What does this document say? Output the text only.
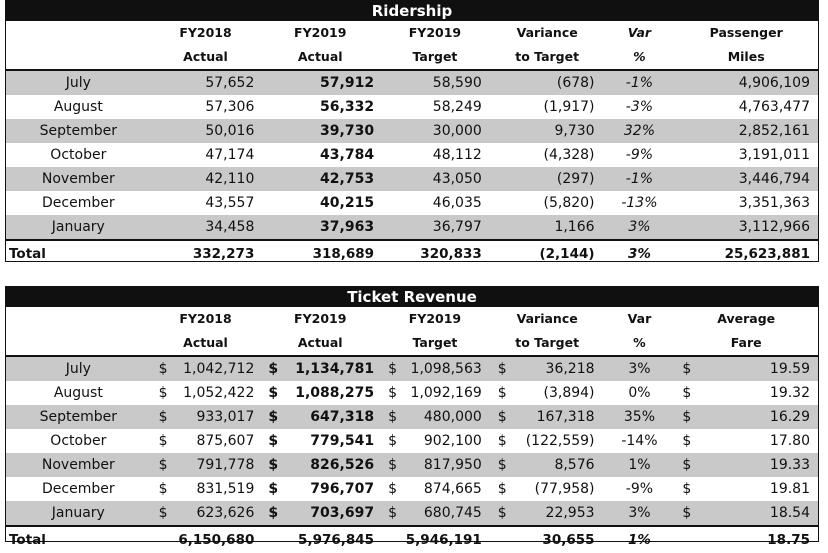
Ridership
FY2018	FY2019	FY2019	Variance	Var	Passenger
Actual	Actual	Target	to Target	%	Miles
July	57,652	57,912	58,590	(678)	-1%	4,906,109
August	57,306	56,332	58,249	(1,917)	-3%	4,763,477
September	50,016	39,730	30,000	9,730	32%	2,852,161
October	47,174	43,784	48,112	(4,328)	-9%	3,191,011
November	42,110	42,753	43,050	(297)	-1%	3,446,794
December	43,557	40,215	46,035	(5,820)	-13%	3,351,363
January	34,458	37,963	36,797	1,166	3%	3,112,966
Total	332,273	318,689	320,833	(2,144)	3%	25,623,881
Ticket Revenue
FY2018	FY2019	FY2019	Variance	Var	Average
Actual	Actual	Target	to Target	%	Fare
July	$ 1,042,712	$ 1,134,781	$ 1,098,563	$	36,218	3%	$	19.59
August	$ 1,052,422	$ 1,088,275	$ 1,092,169	$	(3,894)	0%	$	19.32
September	$ 933,017	$ 647,318	$ 480,000	$ 167,318	35%	$	16.29
October	$ 875,607	$ 779,541	$ 902,100	$ (122,559)	-14%	$	17.80
November	$ 791,778	$ 826,526	$ 817,950	$	8,576	1%	$	19.33
December	$ 831,519	$ 796,707	$ 874,665	$ (77,958)	-9%	$	19.81
January	$ 623,626	$ 703,697	$ 680,745	$	22,953	3%	$	18.54
Total	6,150,680	5,976,845	5,946,191	30,655	1%	18.75
